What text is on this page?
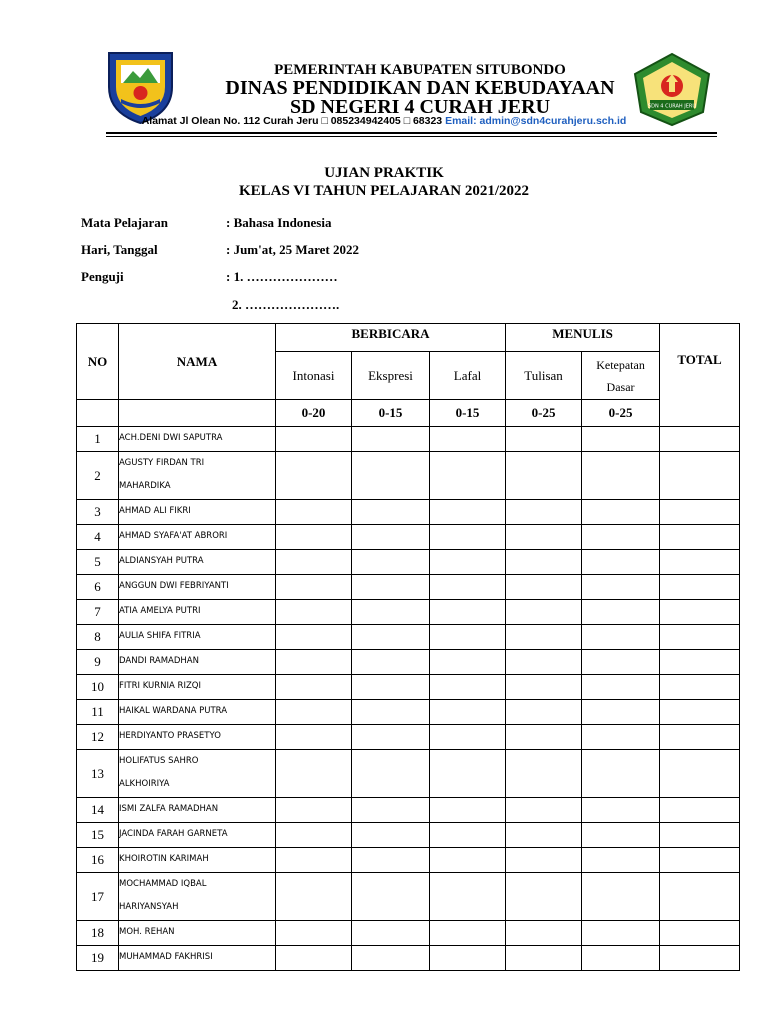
PEMERINTAH KABUPATEN SITUBONDO
DINAS PENDIDIKAN DAN KEBUDAYAAN
SD NEGERI 4 CURAH JERU	SDN 4 CURAH JERU
Alamat Jl Olean No. 112 Curah Jeru □ 085234942405 □ 68323 Email: admin@sdn4curahjeru.sch.id
UJIAN PRAKTIK
KELAS VI TAHUN PELAJARAN 2021/2022
Mata Pelajaran	: Bahasa Indonesia
Hari, Tanggal	: Jum'at, 25 Maret 2022
Penguji	: 1. …………………
2. ………………….
NO	NAMA	BERBICARA			MENULIS		TOTAL
		Intonasi	Ekspresi	Lafal	Tulisan	Ketepatan
Dasar	

		0-20	0-15	0-15	0-25	0-25	
1	ACH.DENI DWI SAPUTRA						

2	AGUSTY FIRDAN TRI
MAHARDIKA						

3	AHMAD ALI FIKRI						

4	AHMAD SYAFA'AT ABRORI						

5	ALDIANSYAH PUTRA						

6	ANGGUN DWI FEBRIYANTI						

7	ATIA AMELYA PUTRI						

8	AULIA SHIFA FITRIA						

9	DANDI RAMADHAN						

10	FITRI KURNIA RIZQI						

11	HAIKAL WARDANA PUTRA						

12	HERDIYANTO PRASETYO						

13	HOLIFATUS SAHRO
ALKHOIRIYA						

14	ISMI ZALFA RAMADHAN						

15	JACINDA FARAH GARNETA						

16	KHOIROTIN KARIMAH						

17	MOCHAMMAD IQBAL
HARIYANSYAH						

18	MOH. REHAN						

19	MUHAMMAD FAKHRISI						
